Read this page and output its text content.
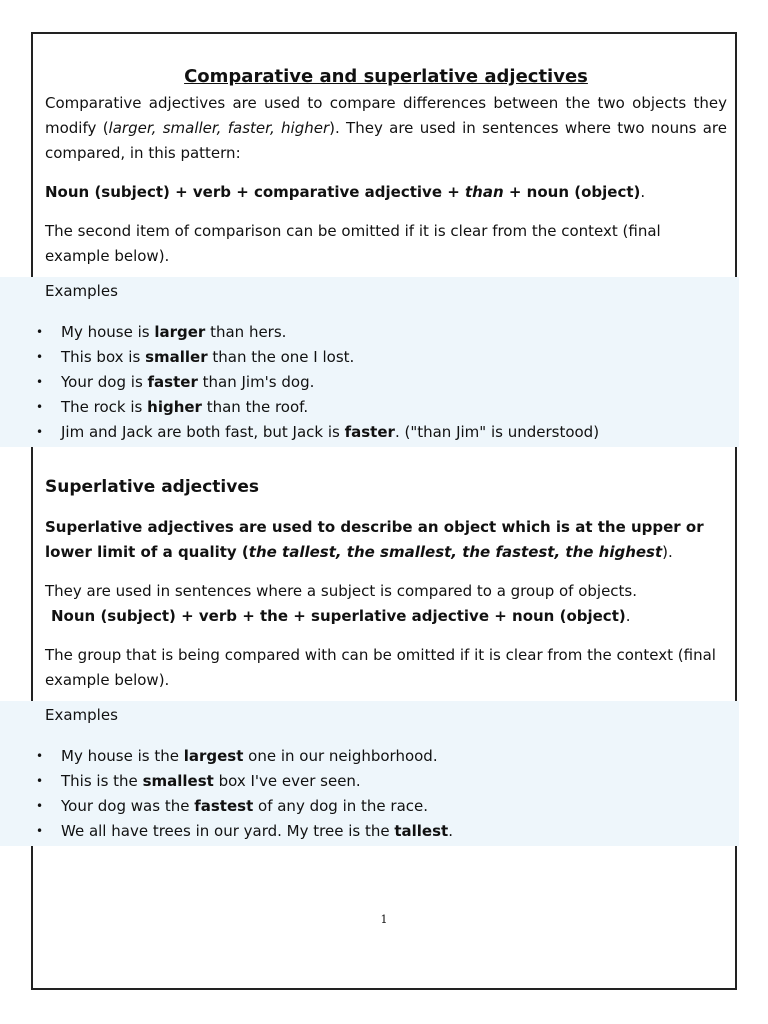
Comparative and superlative adjectives

Comparative adjectives are used to compare differences between the two objects they modify (larger, smaller, faster, higher). They are used in sentences where two nouns are compared, in this pattern:

Noun (subject) + verb + comparative adjective + than + noun (object).

The second item of comparison can be omitted if it is clear from the context (final example below).

Examples
• My house is larger than hers.
• This box is smaller than the one I lost.
• Your dog is faster than Jim's dog.
• The rock is higher than the roof.
• Jim and Jack are both fast, but Jack is faster. ("than Jim" is understood)
Superlative adjectives

Superlative adjectives are used to describe an object which is at the upper or lower limit of a quality (the tallest, the smallest, the fastest, the highest).

They are used in sentences where a subject is compared to a group of objects.

Noun (subject) + verb + the + superlative adjective + noun (object).

The group that is being compared with can be omitted if it is clear from the context (final example below).

Examples
• My house is the largest one in our neighborhood.
• This is the smallest box I've ever seen.
• Your dog was the fastest of any dog in the race.
• We all have trees in our yard. My tree is the tallest.
1
